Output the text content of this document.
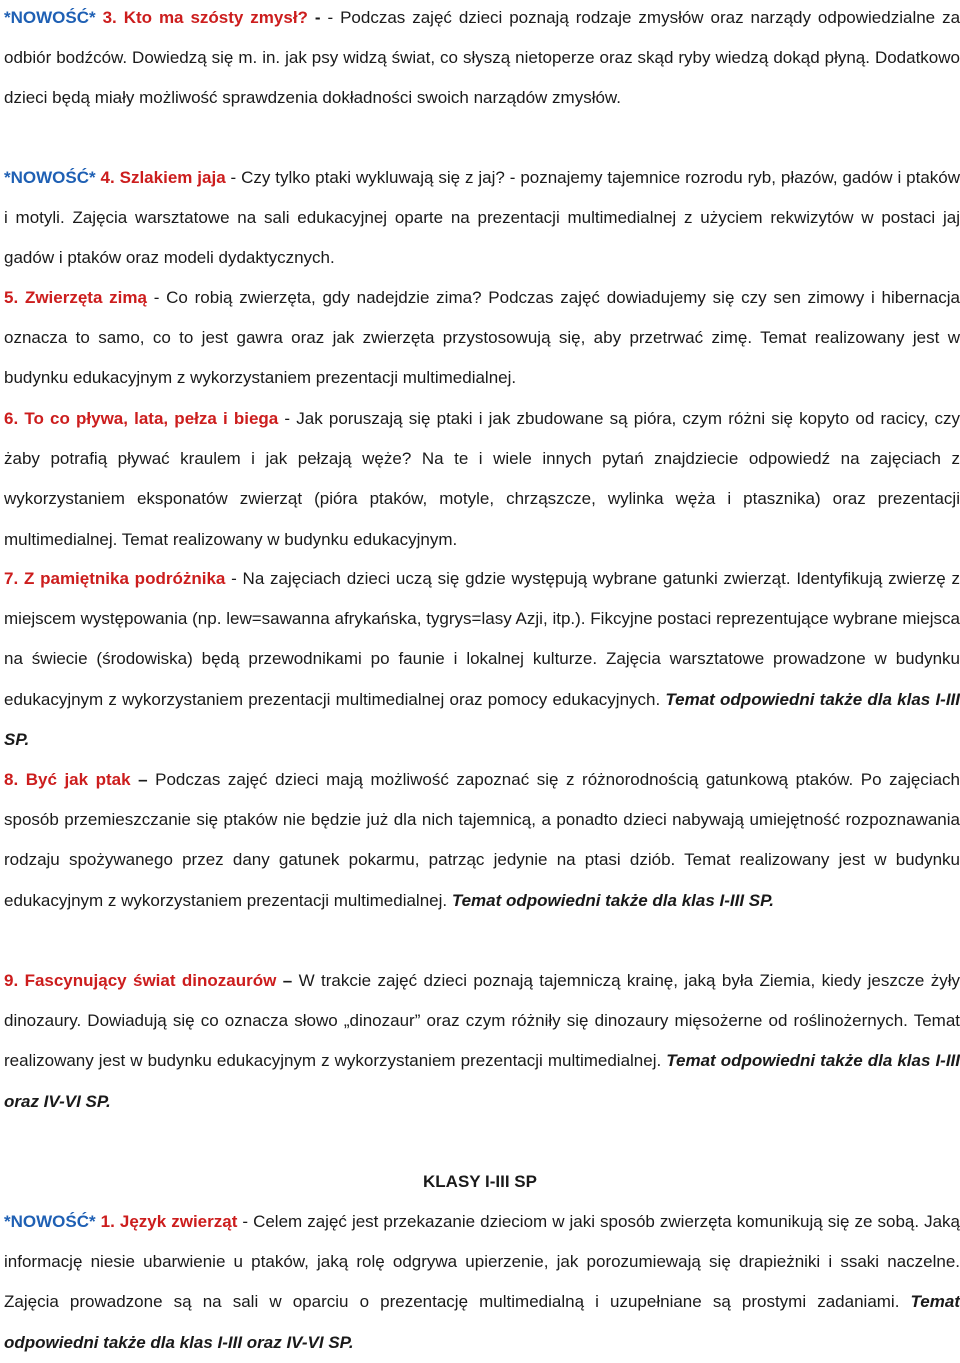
*NOWOŚĆ* 3. Kto ma szósty zmysł? - - Podczas zajęć dzieci poznają rodzaje zmysłów oraz narządy odpowiedzialne za odbiór bodźców. Dowiedzą się m. in. jak psy widzą świat, co słyszą nietoperze oraz skąd ryby wiedzą dokąd płyną. Dodatkowo dzieci będą miały możliwość sprawdzenia dokładności swoich narządów zmysłów.

*NOWOŚĆ* 4. Szlakiem jaja - Czy tylko ptaki wykluwają się z jaj? - poznajemy tajemnice rozrodu ryb, płazów, gadów i ptaków i motyli. Zajęcia warsztatowe na sali edukacyjnej oparte na prezentacji multimedialnej z użyciem rekwizytów w postaci jaj gadów i ptaków oraz modeli dydaktycznych.

5. Zwierzęta zimą - Co robią zwierzęta, gdy nadejdzie zima? Podczas zajęć dowiadujemy się czy sen zimowy i hibernacja oznacza to samo, co to jest gawra oraz jak zwierzęta przystosowują się, aby przetrwać zimę. Temat realizowany jest w budynku edukacyjnym z wykorzystaniem prezentacji multimedialnej.

6. To co pływa, lata, pełza i biega - Jak poruszają się ptaki i jak zbudowane są pióra, czym różni się kopyto od racicy, czy żaby potrafią pływać kraulem i jak pełzają węże? Na te i wiele innych pytań znajdziecie odpowiedź na zajęciach z wykorzystaniem eksponatów zwierząt (pióra ptaków, motyle, chrząszcze, wylinka węża i ptasznika) oraz prezentacji multimedialnej. Temat realizowany w budynku edukacyjnym.

7. Z pamiętnika podróżnika - Na zajęciach dzieci uczą się gdzie występują wybrane gatunki zwierząt. Identyfikują zwierzę z miejscem występowania (np. lew=sawanna afrykańska, tygrys=lasy Azji, itp.). Fikcyjne postaci reprezentujące wybrane miejsca na świecie (środowiska) będą przewodnikami po faunie i lokalnej kulturze. Zajęcia warsztatowe prowadzone w budynku edukacyjnym z wykorzystaniem prezentacji multimedialnej oraz pomocy edukacyjnych. Temat odpowiedni także dla klas I-III SP.

8. Być jak ptak – Podczas zajęć dzieci mają możliwość zapoznać się z różnorodnością gatunkową ptaków. Po zajęciach sposób przemieszczanie się ptaków nie będzie już dla nich tajemnicą, a ponadto dzieci nabywają umiejętność rozpoznawania rodzaju spożywanego przez dany gatunek pokarmu, patrząc jedynie na ptasi dziób. Temat realizowany jest w budynku edukacyjnym z wykorzystaniem prezentacji multimedialnej. Temat odpowiedni także dla klas I-III SP.

9. Fascynujący świat dinozaurów – W trakcie zajęć dzieci poznają tajemniczą krainę, jaką była Ziemia, kiedy jeszcze żyły dinozaury. Dowiadują się co oznacza słowo „dinozaur” oraz czym różniły się dinozaury mięsożerne od roślinożernych. Temat realizowany jest w budynku edukacyjnym z wykorzystaniem prezentacji multimedialnej. Temat odpowiedni także dla klas I-III oraz IV-VI SP.

KLASY I-III SP

*NOWOŚĆ* 1. Język zwierząt - Celem zajęć jest przekazanie dzieciom w jaki sposób zwierzęta komunikują się ze sobą. Jaką informację niesie ubarwienie u ptaków, jaką rolę odgrywa upierzenie, jak porozumiewają się drapieżniki i ssaki naczelne. Zajęcia prowadzone są na sali w oparciu o prezentację multimedialną i uzupełniane są prostymi zadaniami. Temat odpowiedni także dla klas I-III oraz IV-VI SP.
